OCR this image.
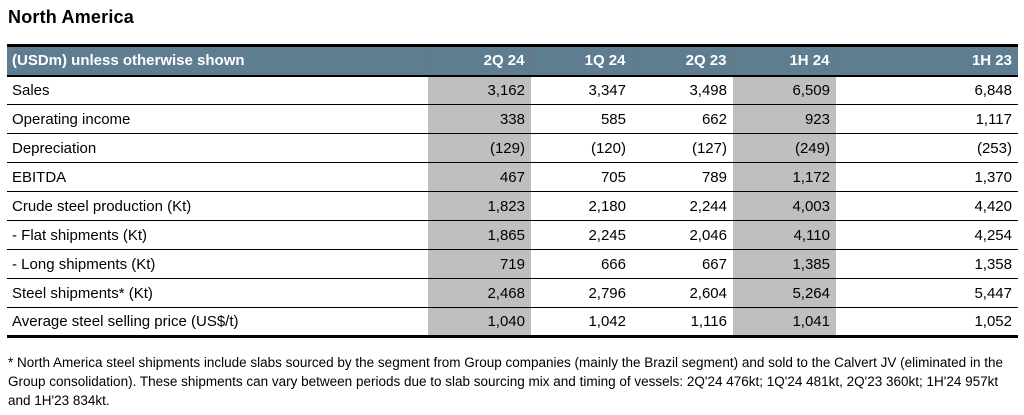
North America
(USDm) unless otherwise shown	2Q 24	1Q 24	2Q 23	1H 24	1H 23
Sales	3,162	3,347	3,498	6,509	6,848
Operating income	338	585	662	923	1,117
Depreciation	(129)	(120)	(127)	(249)	(253)
EBITDA	467	705	789	1,172	1,370
Crude steel production (Kt)	1,823	2,180	2,244	4,003	4,420
- Flat shipments (Kt)	1,865	2,245	2,046	4,110	4,254
- Long shipments (Kt)	719	666	667	1,385	1,358
Steel shipments* (Kt)	2,468	2,796	2,604	5,264	5,447
Average steel selling price (US$/t)	1,040	1,042	1,116	1,041	1,052
* North America steel shipments include slabs sourced by the segment from Group companies (mainly the Brazil segment) and sold to the Calvert JV (eliminated in the Group consolidation). These shipments can vary between periods due to slab sourcing mix and timing of vessels: 2Q'24 476kt; 1Q'24 481kt, 2Q'23 360kt; 1H'24 957kt and 1H'23 834kt.
